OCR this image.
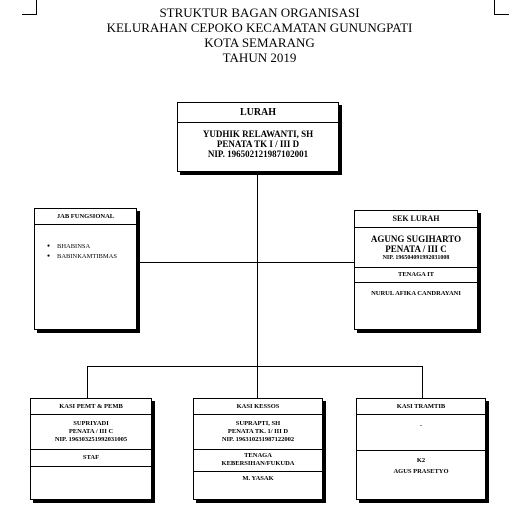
STRUKTUR BAGAN ORGANISASI
KELURAHAN CEPOKO KECAMATAN GUNUNGPATI
KOTA SEMARANG
TAHUN 2019
LURAH
YUDHIK RELAWANTI, SH
PENATA TK I / III D
NIP. 196502121987102001
JAB FUNGSIONAL
● BHABINSA
● BABINKAMTIBMAS
SEK LURAH
AGUNG SUGIHARTO
PENATA / III C
NIP. 196504091992031008
TENAGA IT
NURUL AFIKA CANDRAYANI
KASI PEMT & PEMB
SUPRIYADI
PENATA / III C
NIP. 196303251992031005
STAF
KASI KESSOS
SUPRAPTI, SH
PENATA TK. 1/ III D
NIP. 196310231987122002
TENAGA
KEBERSIHAN/FUKUDA
M. YASAK
KASI TRAMTIB
-
K2
AGUS PRASETYO
